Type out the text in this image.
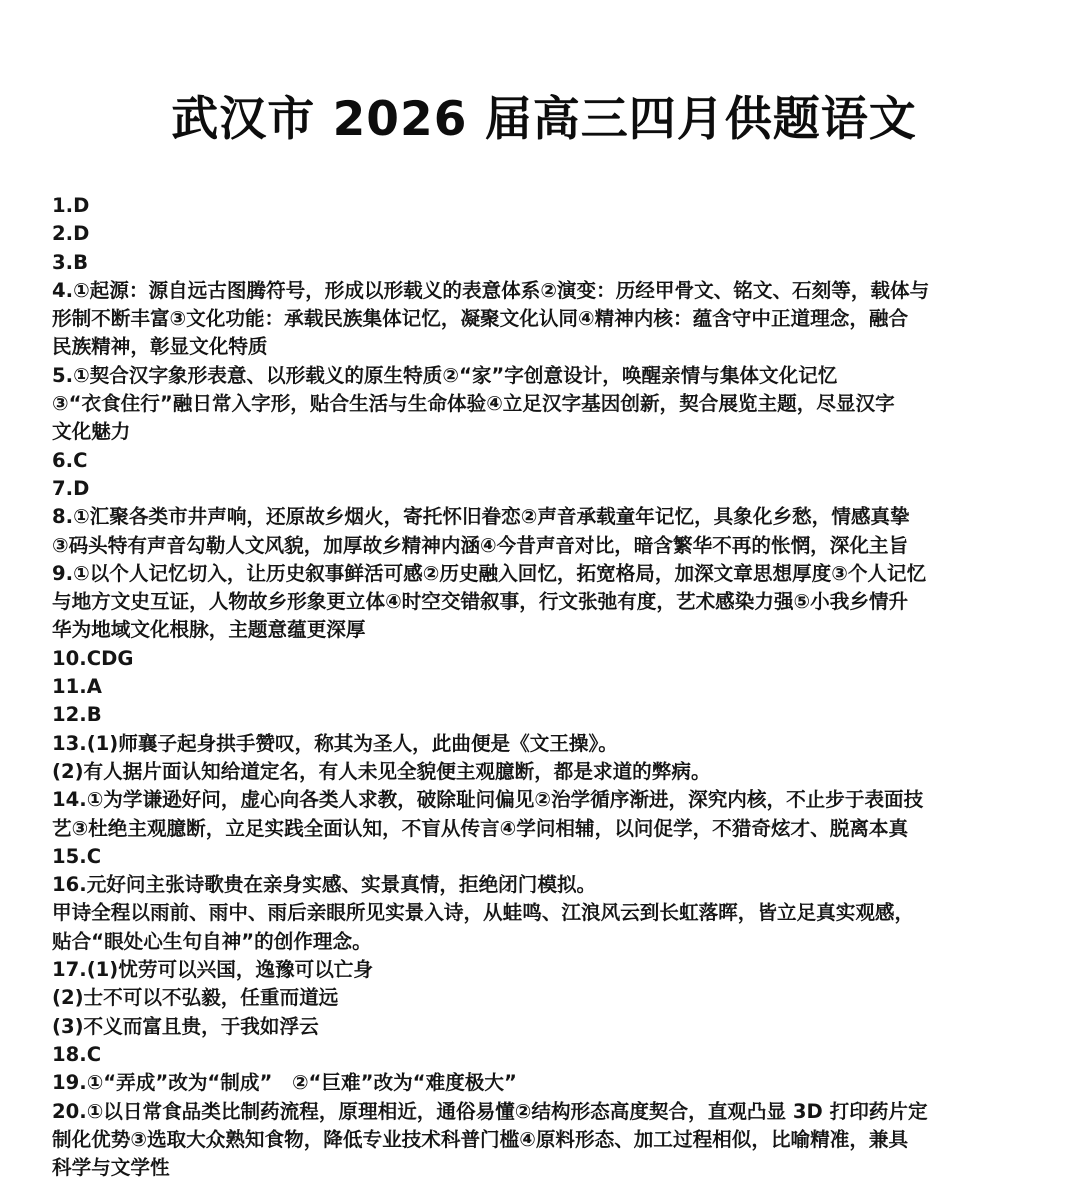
武汉市 2026 届高三四月供题语文
1.D
2.D
3.B
4.①起源：源自远古图腾符号，形成以形载义的表意体系②演变：历经甲骨文、铭文、石刻等，载体与
形制不断丰富③文化功能：承载民族集体记忆，凝聚文化认同④精神内核：蕴含守中正道理念，融合
民族精神，彰显文化特质
5.①契合汉字象形表意、以形载义的原生特质②“家”字创意设计，唤醒亲情与集体文化记忆
③“衣食住行”融日常入字形，贴合生活与生命体验④立足汉字基因创新，契合展览主题，尽显汉字
文化魅力
6.C
7.D
8.①汇聚各类市井声响，还原故乡烟火，寄托怀旧眷恋②声音承载童年记忆，具象化乡愁，情感真挚
③码头特有声音勾勒人文风貌，加厚故乡精神内涵④今昔声音对比，暗含繁华不再的怅惘，深化主旨
9.①以个人记忆切入，让历史叙事鲜活可感②历史融入回忆，拓宽格局，加深文章思想厚度③个人记忆
与地方文史互证，人物故乡形象更立体④时空交错叙事，行文张弛有度，艺术感染力强⑤小我乡情升
华为地域文化根脉，主题意蕴更深厚
10.CDG
11.A
12.B
13.(1)师襄子起身拱手赞叹，称其为圣人，此曲便是《文王操》。
(2)有人据片面认知给道定名，有人未见全貌便主观臆断，都是求道的弊病。
14.①为学谦逊好问，虚心向各类人求教，破除耻问偏见②治学循序渐进，深究内核，不止步于表面技
艺③杜绝主观臆断，立足实践全面认知，不盲从传言④学问相辅，以问促学，不猎奇炫才、脱离本真
15.C
16.元好问主张诗歌贵在亲身实感、实景真情，拒绝闭门模拟。
甲诗全程以雨前、雨中、雨后亲眼所见实景入诗，从蛙鸣、江浪风云到长虹落晖，皆立足真实观感，
贴合“眼处心生句自神”的创作理念。
17.(1)忧劳可以兴国，逸豫可以亡身
(2)士不可以不弘毅，任重而道远
(3)不义而富且贵，于我如浮云
18.C
19.①“弄成”改为“制成”　②“巨难”改为“难度极大”
20.①以日常食品类比制药流程，原理相近，通俗易懂②结构形态高度契合，直观凸显 3D 打印药片定
制化优势③选取大众熟知食物，降低专业技术科普门槛④原料形态、加工过程相似，比喻精准，兼具
科学与文学性
